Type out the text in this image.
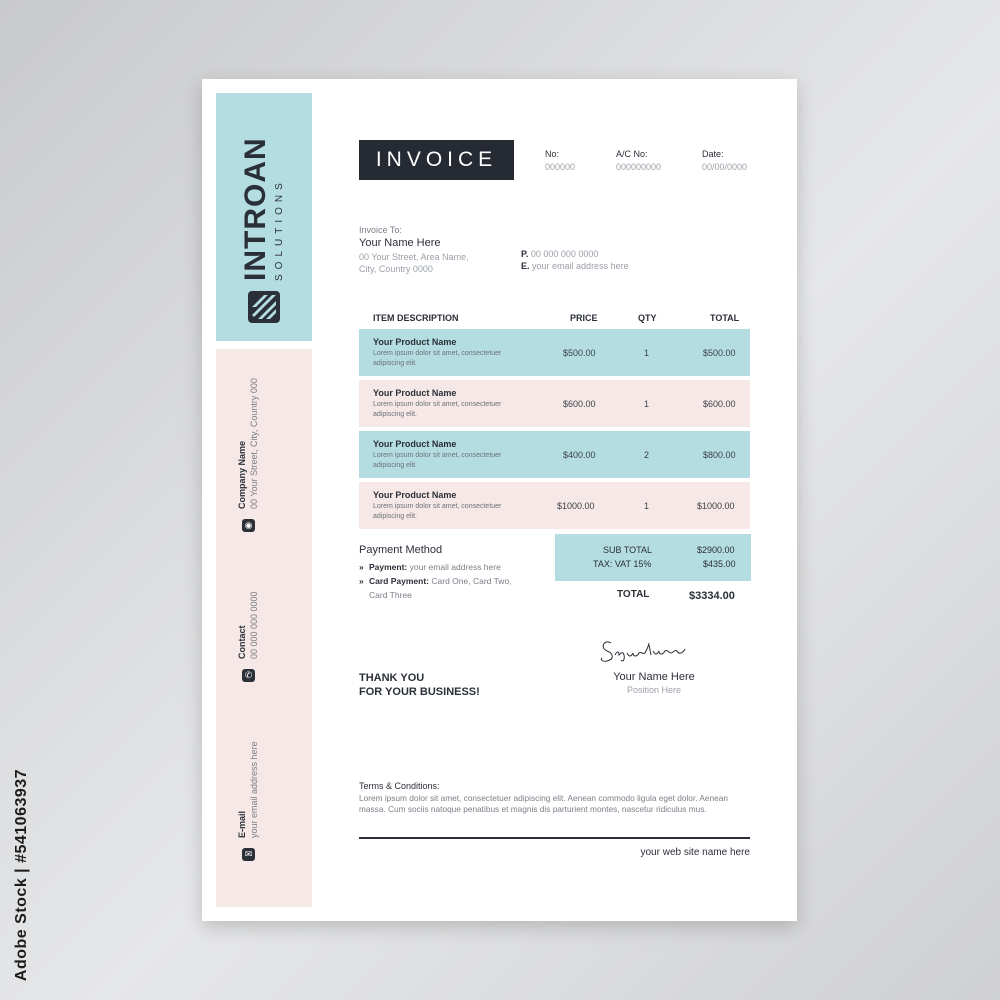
Adobe Stock | #541063937
INTROAN SOLUTIONS
◉
Company Name 00 Your Street, City, Country 000
✆
Contact 00 000 000 0000
✉
E-mail your email address here
INVOICE	No:
000000
A/C No:
000000000
Date:
00/00/0000
Invoice To:
Your Name Here
00 Your Street, Area Name,
City, Country 0000
P. 00 000 000 0000
E. your email address here
ITEM DESCRIPTION	PRICE	QTY	TOTAL
Your Product Name
Lorem ipsum dolor sit amet, consectetuer adipiscing elit.
$500.00	1	$500.00
Your Product Name
Lorem ipsum dolor sit amet, consectetuer adipiscing elit.
$600.00	1	$600.00
Your Product Name
Lorem ipsum dolor sit amet, consectetuer adipiscing elit.
$400.00	2	$800.00
Your Product Name
Lorem ipsum dolor sit amet, consectetuer adipiscing elit.
$1000.00	1	$1000.00
Payment Method
» Payment: your email address here
» Card Payment: Card One, Card Two, Card Three
SUB TOTAL	$2900.00
TAX: VAT 15%	$435.00
TOTAL	$3334.00
THANK YOU
FOR YOUR BUSINESS!
Your Name Here
Position Here
Terms & Conditions:
Lorem ipsum dolor sit amet, consectetuer adipiscing elit. Aenean commodo ligula eget dolor. Aenean massa. Cum sociis natoque penatibus et magnis dis parturient montes, nascetur ridiculus mus.
your web site name here
